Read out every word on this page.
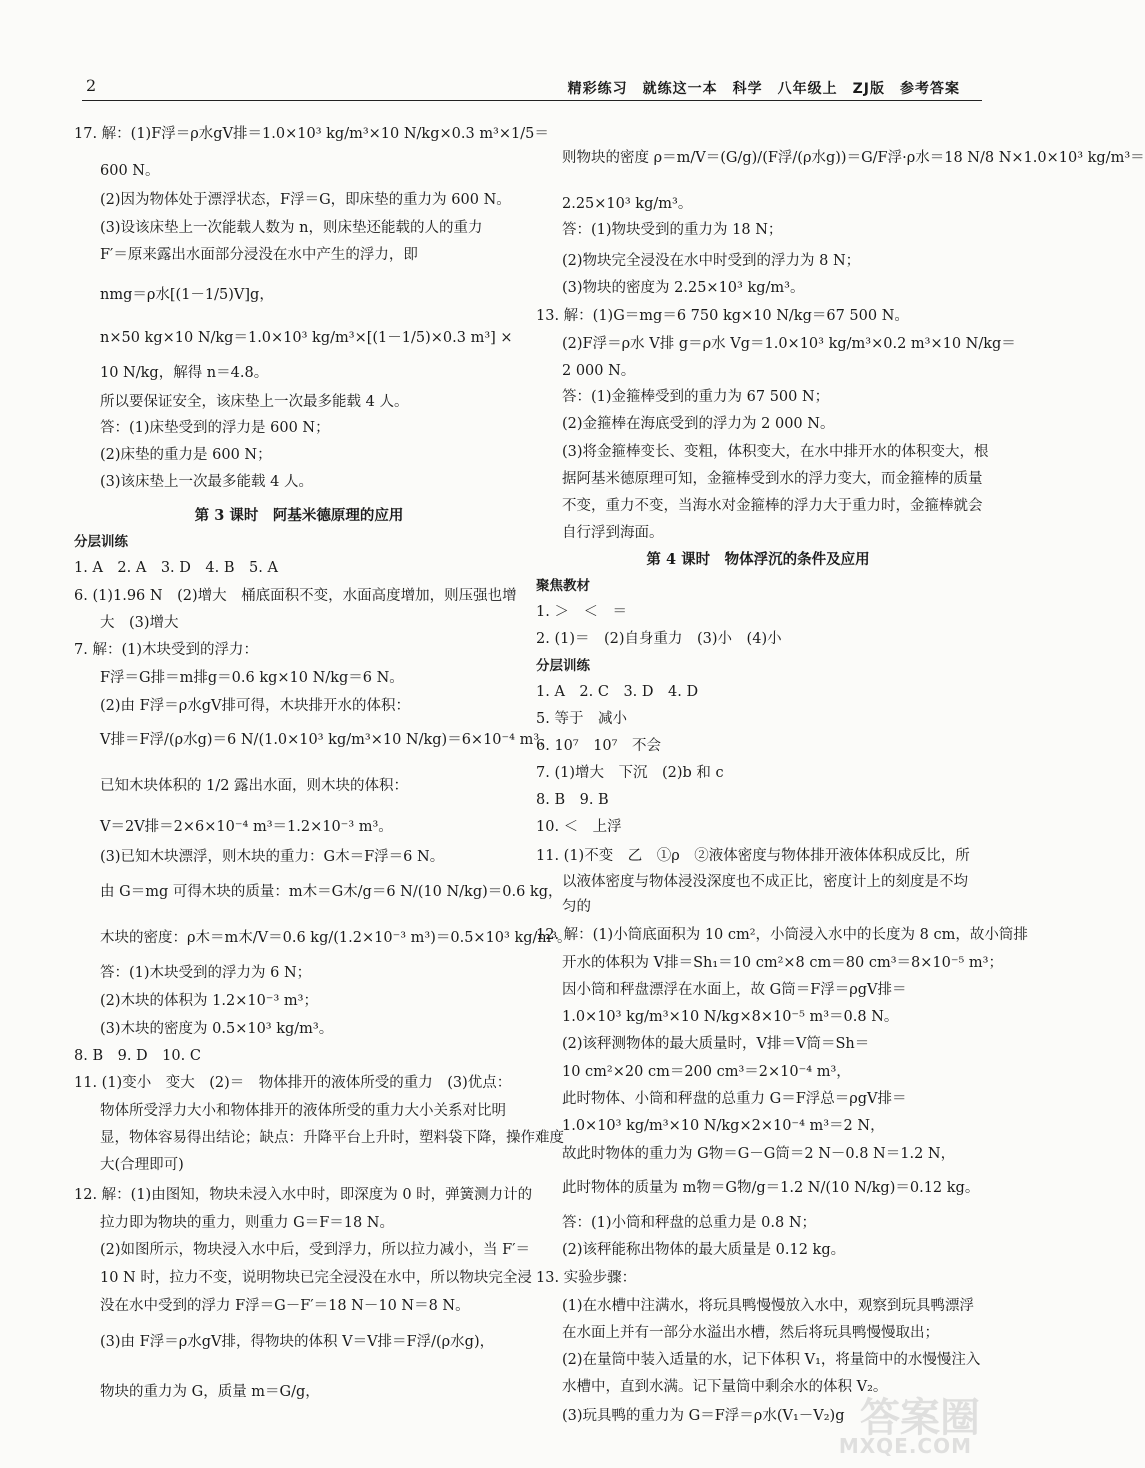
2	精彩练习　就练这一本　科学　八年级上　ZJ版　参考答案

17. 解：(1)F浮＝ρ水gV排＝1.0×10³ kg/m³×10 N/kg×0.3 m³×1/5＝

600 N。

(2)因为物体处于漂浮状态，F浮＝G，即床垫的重力为 600 N。

(3)设该床垫上一次能载人数为 n，则床垫还能载的人的重力

F′＝原来露出水面部分浸没在水中产生的浮力，即

nmg＝ρ水[(1－1/5)V]g，

n×50 kg×10 N/kg＝1.0×10³ kg/m³×[(1－1/5)×0.3 m³] ×

10 N/kg，解得 n＝4.8。

所以要保证安全，该床垫上一次最多能载 4 人。

答：(1)床垫受到的浮力是 600 N；

(2)床垫的重力是 600 N；

(3)该床垫上一次最多能载 4 人。

第 3 课时　阿基米德原理的应用

分层训练

1. A　2. A　3. D　4. B　5. A

6. (1)1.96 N　(2)增大　桶底面积不变，水面高度增加，则压强也增

大　(3)增大

7. 解：(1)木块受到的浮力：

F浮＝G排＝m排g＝0.6 kg×10 N/kg＝6 N。

(2)由 F浮＝ρ水gV排可得，木块排开水的体积：

V排＝F浮/(ρ水g)＝6 N/(1.0×10³ kg/m³×10 N/kg)＝6×10⁻⁴ m³，

已知木块体积的 1/2 露出水面，则木块的体积：

V＝2V排＝2×6×10⁻⁴ m³＝1.2×10⁻³ m³。

(3)已知木块漂浮，则木块的重力：G木＝F浮＝6 N。

由 G＝mg 可得木块的质量：m木＝G木/g＝6 N/(10 N/kg)＝0.6 kg，

木块的密度：ρ木＝m木/V＝0.6 kg/(1.2×10⁻³ m³)＝0.5×10³ kg/m³。

答：(1)木块受到的浮力为 6 N；

(2)木块的体积为 1.2×10⁻³ m³；

(3)木块的密度为 0.5×10³ kg/m³。

8. B　9. D　10. C

11. (1)变小　变大　(2)＝　物体排开的液体所受的重力　(3)优点：

物体所受浮力大小和物体排开的液体所受的重力大小关系对比明

显，物体容易得出结论；缺点：升降平台上升时，塑料袋下降，操作难度

大(合理即可)

12. 解：(1)由图知，物块未浸入水中时，即深度为 0 时，弹簧测力计的

拉力即为物块的重力，则重力 G＝F＝18 N。

(2)如图所示，物块浸入水中后，受到浮力，所以拉力减小，当 F′＝

10 N 时，拉力不变，说明物块已完全浸没在水中，所以物块完全浸

没在水中受到的浮力 F浮＝G－F′＝18 N－10 N＝8 N。

(3)由 F浮＝ρ水gV排，得物块的体积 V＝V排＝F浮/(ρ水g)，

物块的重力为 G，质量 m＝G/g，

则物块的密度 ρ＝m/V＝(G/g)/(F浮/(ρ水g))＝G/F浮·ρ水＝18 N/8 N×1.0×10³ kg/m³＝

2.25×10³ kg/m³。

答：(1)物块受到的重力为 18 N；

(2)物块完全浸没在水中时受到的浮力为 8 N；

(3)物块的密度为 2.25×10³ kg/m³。

13. 解：(1)G＝mg＝6 750 kg×10 N/kg＝67 500 N。

(2)F浮＝ρ水 V排 g＝ρ水 Vg＝1.0×10³ kg/m³×0.2 m³×10 N/kg＝

2 000 N。

答：(1)金箍棒受到的重力为 67 500 N；

(2)金箍棒在海底受到的浮力为 2 000 N。

(3)将金箍棒变长、变粗，体积变大，在水中排开水的体积变大，根

据阿基米德原理可知，金箍棒受到水的浮力变大，而金箍棒的质量

不变，重力不变，当海水对金箍棒的浮力大于重力时，金箍棒就会

自行浮到海面。

第 4 课时　物体浮沉的条件及应用

聚焦教材

1. ＞　＜　＝

2. (1)＝　(2)自身重力　(3)小　(4)小

分层训练

1. A　2. C　3. D　4. D

5. 等于　减小

6. 10⁷　10⁷　不会

7. (1)增大　下沉　(2)b 和 c

8. B　9. B

10. ＜　上浮

11. (1)不变　乙　①ρ　②液体密度与物体排开液体体积成反比，所

以液体密度与物体浸没深度也不成正比，密度计上的刻度是不均

匀的

12. 解：(1)小筒底面积为 10 cm²，小筒浸入水中的长度为 8 cm，故小筒排

开水的体积为 V排＝Sh₁＝10 cm²×8 cm＝80 cm³＝8×10⁻⁵ m³；

因小筒和秤盘漂浮在水面上，故 G筒＝F浮＝ρgV排＝

1.0×10³ kg/m³×10 N/kg×8×10⁻⁵ m³＝0.8 N。

(2)该秤测物体的最大质量时，V排＝V筒＝Sh＝

10 cm²×20 cm＝200 cm³＝2×10⁻⁴ m³，

此时物体、小筒和秤盘的总重力 G＝F浮总＝ρgV排＝

1.0×10³ kg/m³×10 N/kg×2×10⁻⁴ m³＝2 N，

故此时物体的重力为 G物＝G－G筒＝2 N－0.8 N＝1.2 N，

此时物体的质量为 m物＝G物/g＝1.2 N/(10 N/kg)＝0.12 kg。

答：(1)小筒和秤盘的总重力是 0.8 N；

(2)该秤能称出物体的最大质量是 0.12 kg。

13. 实验步骤：

(1)在水槽中注满水，将玩具鸭慢慢放入水中，观察到玩具鸭漂浮

在水面上并有一部分水溢出水槽，然后将玩具鸭慢慢取出；

(2)在量筒中装入适量的水，记下体积 V₁，将量筒中的水慢慢注入

水槽中，直到水满。记下量筒中剩余水的体积 V₂。

(3)玩具鸭的重力为 G＝F浮＝ρ水(V₁－V₂)g 答案圈
MXQE.COM
